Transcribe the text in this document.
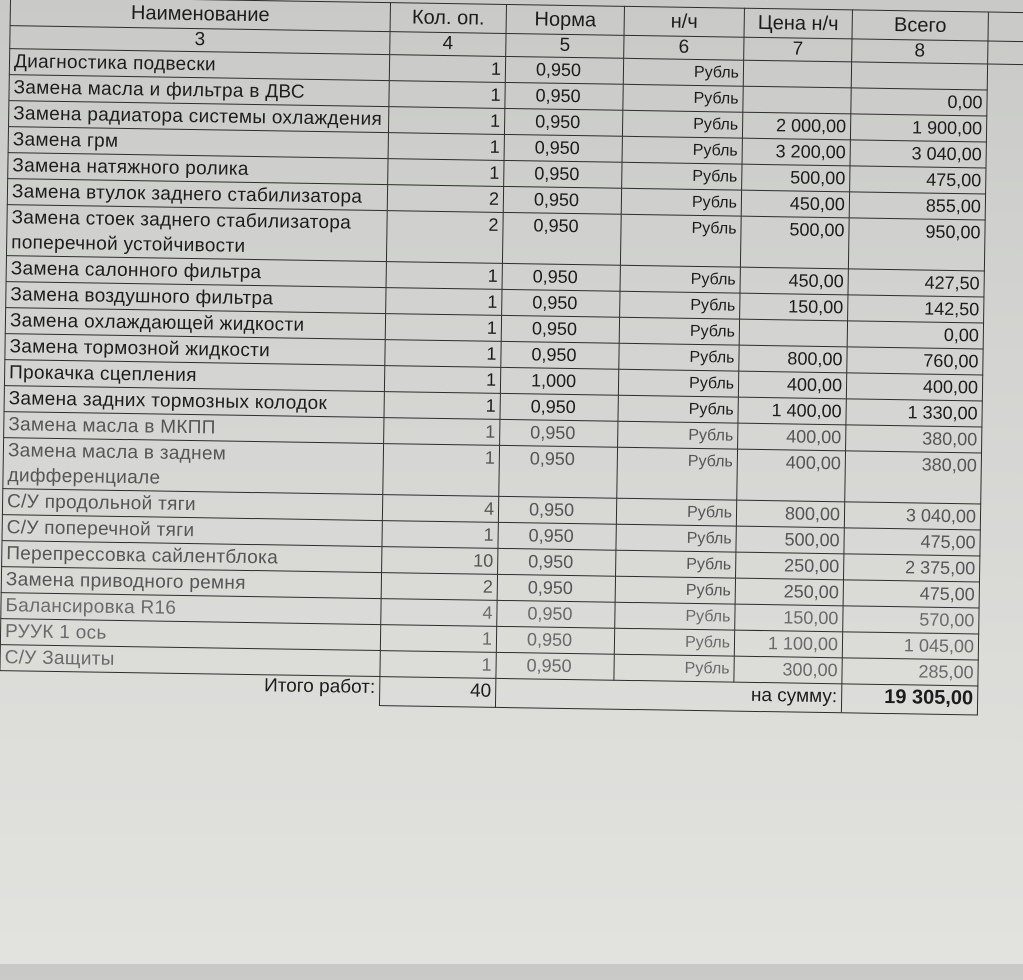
Наименование	Кол. оп.	Норма	н/ч	Цена н/ч	Всего	
3	4	5	6	7	8	
Диагностика подвески	1	0,950	Рубль			
Замена масла и фильтра в ДВС	1	0,950	Рубль		0,00	
Замена радиатора системы охлаждения	1	0,950	Рубль	2 000,00	1 900,00	
Замена грм	1	0,950	Рубль	3 200,00	3 040,00	
Замена натяжного ролика	1	0,950	Рубль	500,00	475,00	
Замена втулок заднего стабилизатора	2	0,950	Рубль	450,00	855,00	
Замена стоек заднего стабилизатора поперечной устойчивости	2	0,950	Рубль	500,00	950,00	
Замена салонного фильтра	1	0,950	Рубль	450,00	427,50	
Замена воздушного фильтра	1	0,950	Рубль	150,00	142,50	
Замена охлаждающей жидкости	1	0,950	Рубль		0,00	
Замена тормозной жидкости	1	0,950	Рубль	800,00	760,00	
Прокачка сцепления	1	1,000	Рубль	400,00	400,00	
Замена задних тормозных колодок	1	0,950	Рубль	1 400,00	1 330,00	
Замена масла в МКПП	1	0,950	Рубль	400,00	380,00	
Замена масла в заднем дифференциале	1	0,950	Рубль	400,00	380,00	
С/У продольной тяги	4	0,950	Рубль	800,00	3 040,00	
С/У поперечной тяги	1	0,950	Рубль	500,00	475,00	
Перепрессовка сайлентблока	10	0,950	Рубль	250,00	2 375,00	
Замена приводного ремня	2	0,950	Рубль	250,00	475,00	
Балансировка R16	4	0,950	Рубль	150,00	570,00	
РУУК 1 ось	1	0,950	Рубль	1 100,00	1 045,00	
С/У Защиты	1	0,950	Рубль	300,00	285,00	
Итого работ:	40	на сумму:			19 305,00	
